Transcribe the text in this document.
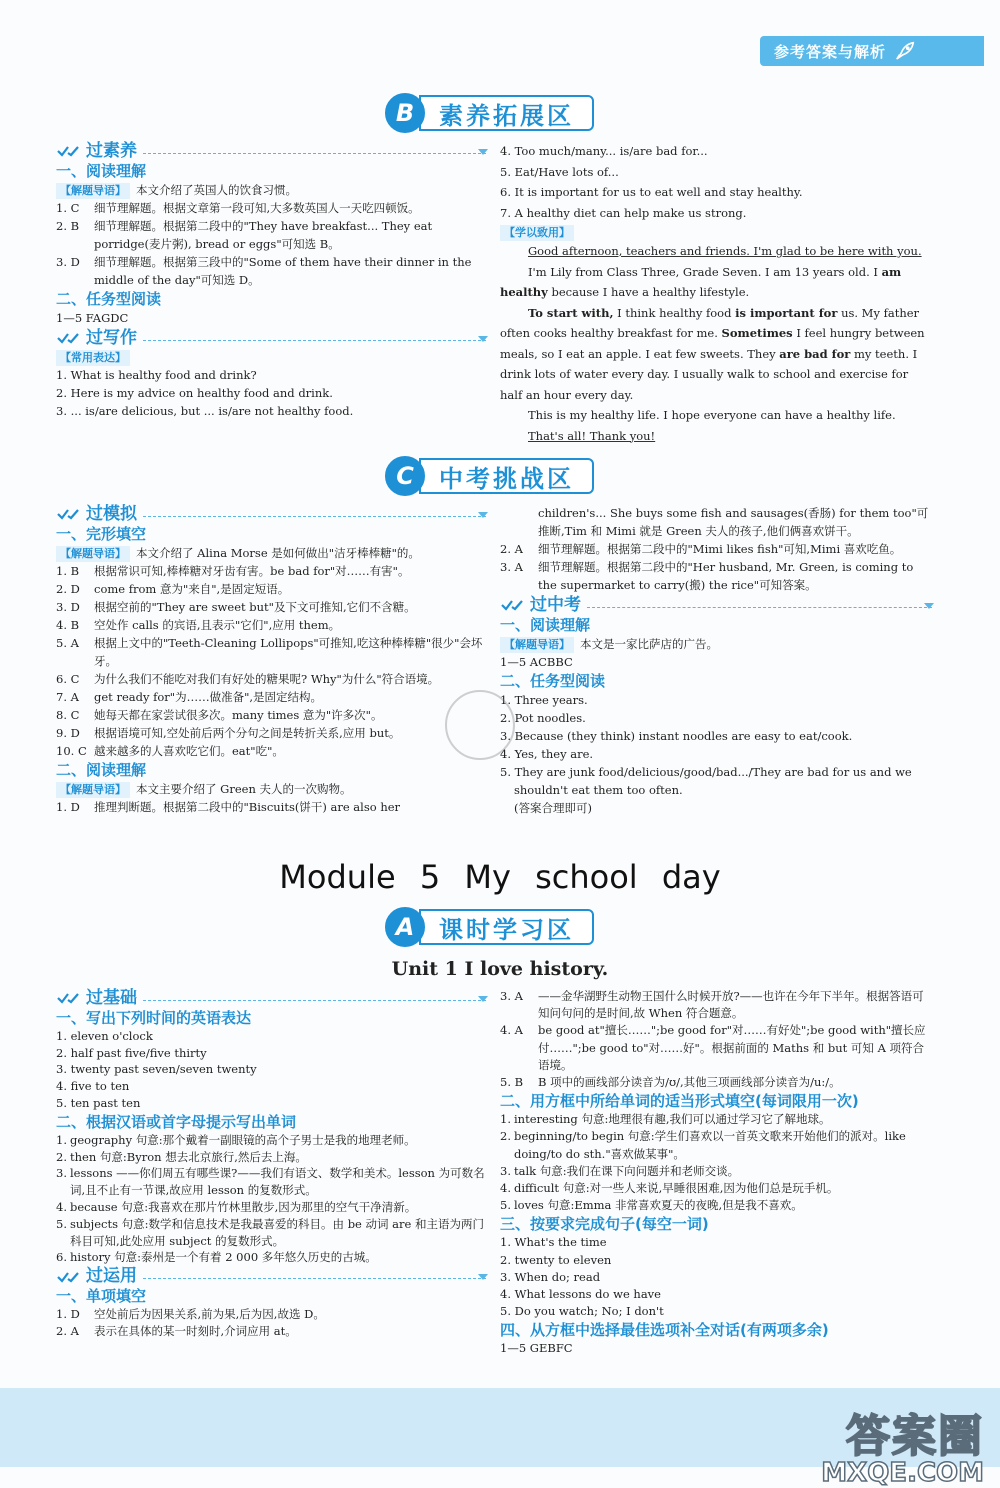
参考答案与解析
B	素养拓展区
过素养
一、阅读理解
【解题导语】 本文介绍了英国人的饮食习惯。
1. C	细节理解题。根据文章第一段可知,大多数英国人一天吃四顿饭。
2. B	细节理解题。根据第二段中的"They have breakfast... They eat porridge(麦片粥), bread or eggs"可知选 B。
3. D	细节理解题。根据第三段中的"Some of them have their dinner in the middle of the day"可知选 D。
二、任务型阅读
1—5 FAGDC
过写作
【常用表达】
1. What is healthy food and drink?
2. Here is my advice on healthy food and drink.
3. ... is/are delicious, but ... is/are not healthy food.
4. Too much/many... is/are bad for...
5. Eat/Have lots of...
6. It is important for us to eat well and stay healthy.
7. A healthy diet can help make us strong.
【学以致用】

Good afternoon, teachers and friends. I'm glad to be here with you.

I'm Lily from Class Three, Grade Seven. I am 13 years old. I am healthy because I have a healthy lifestyle.

To start with, I think healthy food is important for us. My father often cooks healthy breakfast for me. Sometimes I feel hungry between meals, so I eat an apple. I eat few sweets. They are bad for my teeth. I drink lots of water every day. I usually walk to school and exercise for half an hour every day.

This is my healthy life. I hope everyone can have a healthy life.

That's all! Thank you!

C	中考挑战区
过模拟
一、完形填空
【解题导语】 本文介绍了 Alina Morse 是如何做出"洁牙棒棒糖"的。
1. B	根据常识可知,棒棒糖对牙齿有害。be bad for"对……有害"。
2. D	come from 意为"来自",是固定短语。
3. D	根据空前的"They are sweet but"及下文可推知,它们不含糖。
4. B	空处作 calls 的宾语,且表示"它们",应用 them。
5. A	根据上文中的"Teeth-Cleaning Lollipops"可推知,吃这种棒棒糖"很少"会坏牙。
6. C	为什么我们不能吃对我们有好处的糖果呢? Why"为什么"符合语境。
7. A	get ready for"为……做准备",是固定结构。
8. C	她每天都在家尝试很多次。many times 意为"许多次"。
9. D	根据语境可知,空处前后两个分句之间是转折关系,应用 but。
10. C 越来越多的人喜欢吃它们。eat"吃"。
二、阅读理解
【解题导语】 本文主要介绍了 Green 夫人的一次购物。
1. D	推理判断题。根据第二段中的"Biscuits(饼干) are also her
children's... She buys some fish and sausages(香肠) for them too"可推断,Tim 和 Mimi 就是 Green 夫人的孩子,他们俩喜欢饼干。
2. A	细节理解题。根据第二段中的"Mimi likes fish"可知,Mimi 喜欢吃鱼。
3. A	细节理解题。根据第二段中的"Her husband, Mr. Green, is coming to the supermarket to carry(搬) the rice"可知答案。
过中考
一、阅读理解
【解题导语】 本文是一家比萨店的广告。
1—5 ACBBC
二、任务型阅读
1. Three years.
2. Pot noodles.
3. Because (they think) instant noodles are easy to eat/cook.
4. Yes, they are.
5. They are junk food/delicious/good/bad.../They are bad for us and we shouldn't eat them too often.
(答案合理即可)
Module 5 My school day
A	课时学习区
Unit 1 I love history.
过基础
一、写出下列时间的英语表达
1. eleven o'clock
2. half past five/five thirty
3. twenty past seven/seven twenty
4. five to ten
5. ten past ten
二、根据汉语或首字母提示写出单词
1. geography 句意:那个戴着一副眼镜的高个子男士是我的地理老师。
2. then 句意:Byron 想去北京旅行,然后去上海。
3. lessons ——你们周五有哪些课?——我们有语文、数学和美术。lesson 为可数名词,且不止有一节课,故应用 lesson 的复数形式。
4. because 句意:我喜欢在那片竹林里散步,因为那里的空气干净清新。
5. subjects 句意:数学和信息技术是我最喜爱的科目。由 be 动词 are 和主语为两门科目可知,此处应用 subject 的复数形式。
6. history 句意:泰州是一个有着 2 000 多年悠久历史的古城。
过运用
一、单项填空
1. D	空处前后为因果关系,前为果,后为因,故选 D。
2. A	表示在具体的某一时刻时,介词应用 at。
3. A	——金华湖野生动物王国什么时候开放?——也许在今年下半年。根据答语可知问句问的是时间,故 When 符合题意。
4. A	be good at"擅长……";be good for"对……有好处";be good with"擅长应付……";be good to"对……好"。根据前面的 Maths 和 but 可知 A 项符合语境。
5. B	B 项中的画线部分读音为/ʊ/,其他三项画线部分读音为/u:/。
二、用方框中所给单词的适当形式填空(每词限用一次)
1. interesting 句意:地理很有趣,我们可以通过学习它了解地球。
2. beginning/to begin 句意:学生们喜欢以一首英文歌来开始他们的派对。like doing/to do sth."喜欢做某事"。
3. talk 句意:我们在课下向问题并和老师交谈。
4. difficult 句意:对一些人来说,早睡很困难,因为他们总是玩手机。
5. loves 句意:Emma 非常喜欢夏天的夜晚,但是我不喜欢。
三、按要求完成句子(每空一词)
1. What's the time
2. twenty to eleven
3. When do; read
4. What lessons do we have
5. Do you watch; No; I don't
四、从方框中选择最佳选项补全对话(有两项多余)
1—5 GEBFC
答案圈
MXQE.COM
